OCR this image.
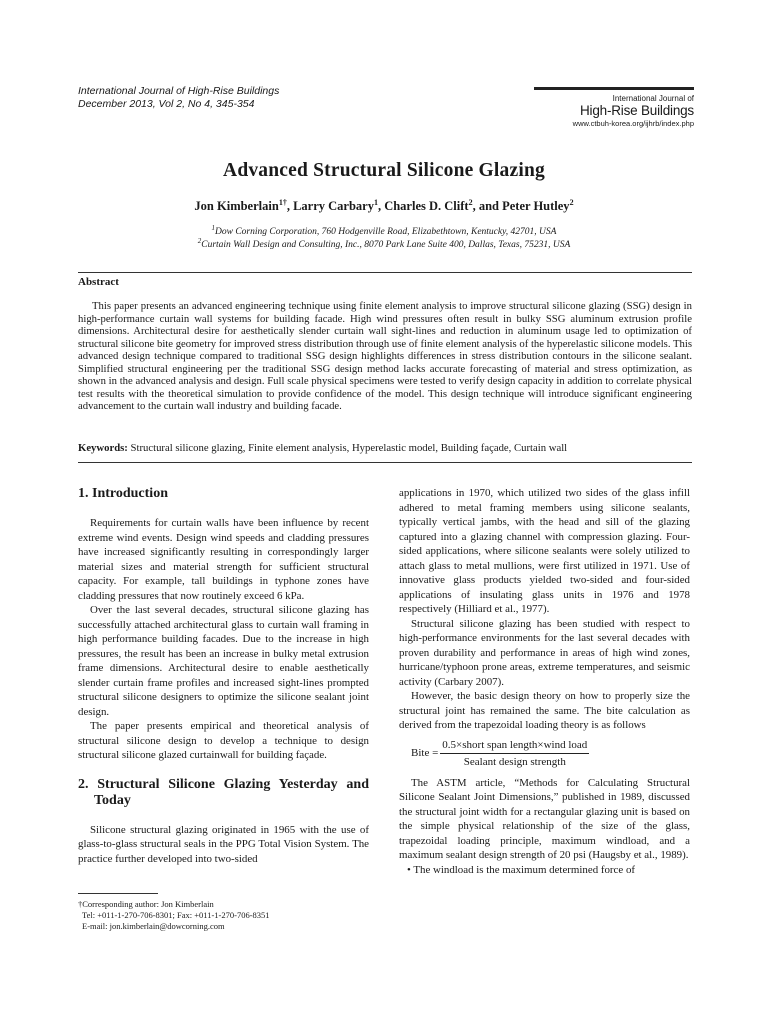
International Journal of High-Rise Buildings
December 2013, Vol 2, No 4, 345-354	International Journal of
High-Rise Buildings
www.ctbuh-korea.org/ijhrb/index.php
Advanced Structural Silicone Glazing
Jon Kimberlain$^{1\dagger}$, Larry Carbary$^1$, Charles D. Clift$^2$, and Peter Hutley$^2$
$^1$Dow Corning Corporation, 760 Hodgenville Road, Elizabethtown, Kentucky, 42701, USA
$^2$Curtain Wall Design and Consulting, Inc., 8070 Park Lane Suite 400, Dallas, Texas, 75231, USA
Abstract
This paper presents an advanced engineering technique using finite element analysis to improve structural silicone glazing (SSG) design in high-performance curtain wall systems for building facade. High wind pressures often result in bulky SSG aluminum extrusion profile dimensions. Architectural desire for aesthetically slender curtain wall sight-lines and reduction in aluminum usage led to optimization of structural silicone bite geometry for improved stress distribution through use of finite element analysis of the hyperelastic silicone models. This advanced design technique compared to traditional SSG design highlights differences in stress distribution contours in the silicone sealant. Simplified structural engineering per the traditional SSG design method lacks accurate forecasting of material and stress optimization, as shown in the advanced analysis and design. Full scale physical specimens were tested to verify design capacity in addition to correlate physical test results with the theoretical simulation to provide confidence of the model. This design technique will introduce significant engineering advancement to the curtain wall industry and building facade.
Keywords: Structural silicone glazing, Finite element analysis, Hyperelastic model, Building façade, Curtain wall
1. Introduction

Requirements for curtain walls have been influence by recent extreme wind events. Design wind speeds and cladding pressures have increased significantly resulting in correspondingly larger material sizes and material strength for sufficient structural capacity. For example, tall buildings in typhone zones have cladding pressures that now routinely exceed 6 kPa.

Over the last several decades, structural silicone glazing has successfully attached architectural glass to curtain wall framing in high performance building facades. Due to the increase in high pressures, the result has been an increase in bulky metal extrusion frame dimensions. Architectural desire to enable aesthetically slender curtain frame profiles and increased sight-lines prompted structural silicone designers to optimize the silicone sealant joint design.

The paper presents empirical and theoretical analysis of structural silicone design to develop a technique to design structural silicone glazed curtainwall for building façade.

2. Structural Silicone Glazing Yesterday and Today

Silicone structural glazing originated in 1965 with the use of glass-to-glass structural seals in the PPG Total Vision System. The practice further developed into two-sided

†Corresponding author: Jon Kimberlain
Tel: +011-1-270-706-8301; Fax: +011-1-270-706-8351
E-mail: jon.kimberlain@dowcorning.com

applications in 1970, which utilized two sides of the glass infill adhered to metal framing members using silicone sealants, typically vertical jambs, with the head and sill of the glazing captured into a glazing channel with compression glazing. Four-sided applications, where silicone sealants were solely utilized to attach glass to metal mullions, were first utilized in 1971. Use of innovative glass products yielded two-sided and four-sided applications of insulating glass units in 1976 and 1978 respectively (Hilliard et al., 1977).

Structural silicone glazing has been studied with respect to high-performance environments for the last several decades with proven durability and performance in areas of high wind zones, hurricane/typhoon prone areas, extreme temperatures, and seismic activity (Carbary 2007).

However, the basic design theory on how to properly size the structural joint has remained the same. The bite calculation as derived from the trapezoidal loading theory is as follows

Bite = $\frac{\text{0.5×short span length×wind load}}{\text{Sealant design strength}}$

The ASTM article, “Methods for Calculating Structural Silicone Sealant Joint Dimensions,” published in 1989, discussed the structural joint width for a rectangular glazing unit is based on the simple physical relationship of the size of the glass, trapezoidal loading principle, maximum windload, and a maximum sealant design strength of 20 psi (Haugsby et al., 1989).

• The windload is the maximum determined force of
